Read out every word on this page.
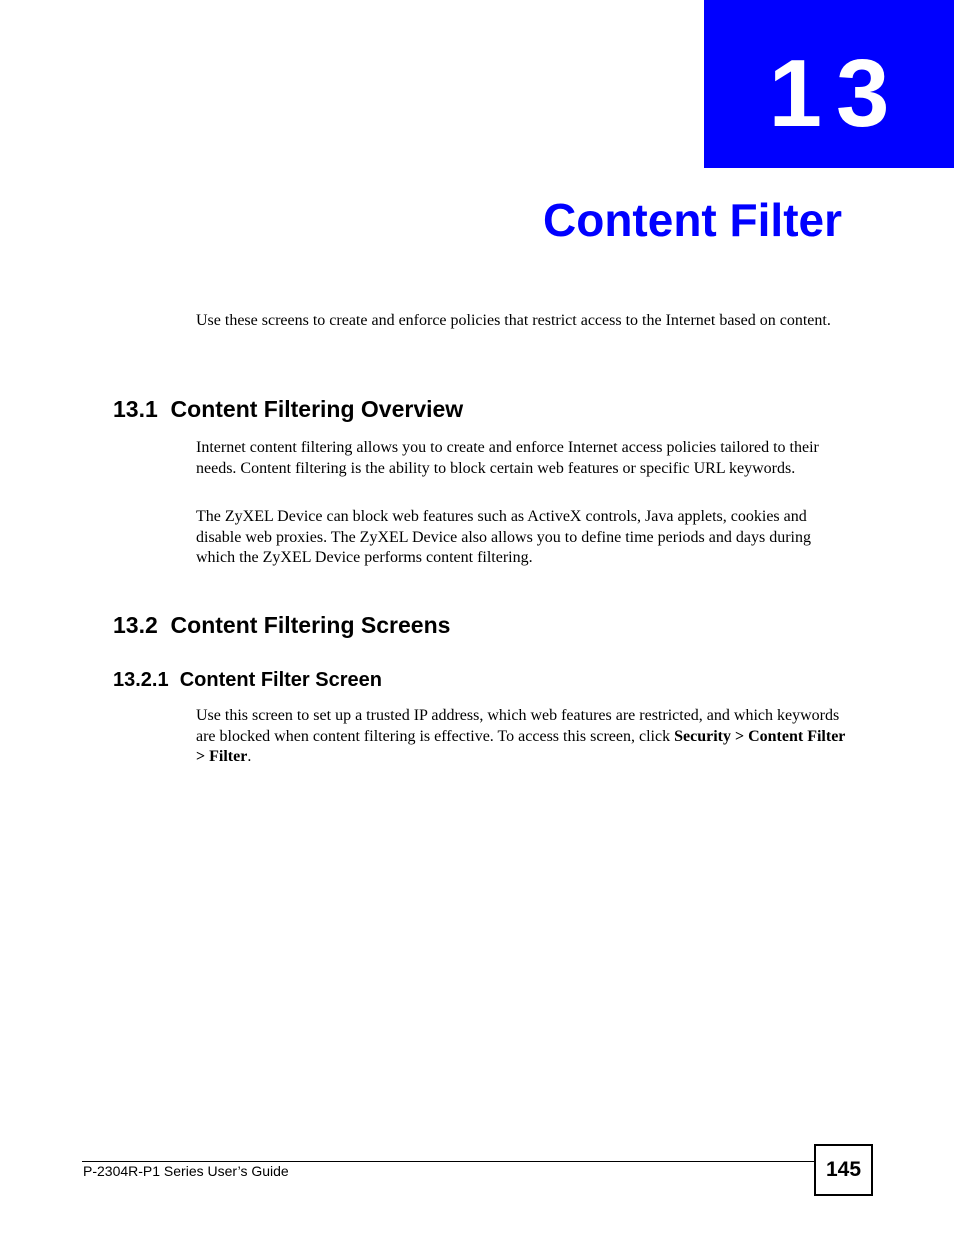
13
Content Filter

Use these screens to create and enforce policies that restrict access to the Internet based on content.

13.1  Content Filtering Overview

Internet content filtering allows you to create and enforce Internet access policies tailored to their needs. Content filtering is the ability to block certain web features or specific URL keywords.

The ZyXEL Device can block web features such as ActiveX controls, Java applets, cookies and disable web proxies. The ZyXEL Device also allows you to define time periods and days during which the ZyXEL Device performs content filtering.

13.2  Content Filtering Screens
13.2.1  Content Filter Screen

Use this screen to set up a trusted IP address, which web features are restricted, and which keywords are blocked when content filtering is effective. To access this screen, click Security > Content Filter > Filter.

P-2304R-P1 Series User’s Guide	145
